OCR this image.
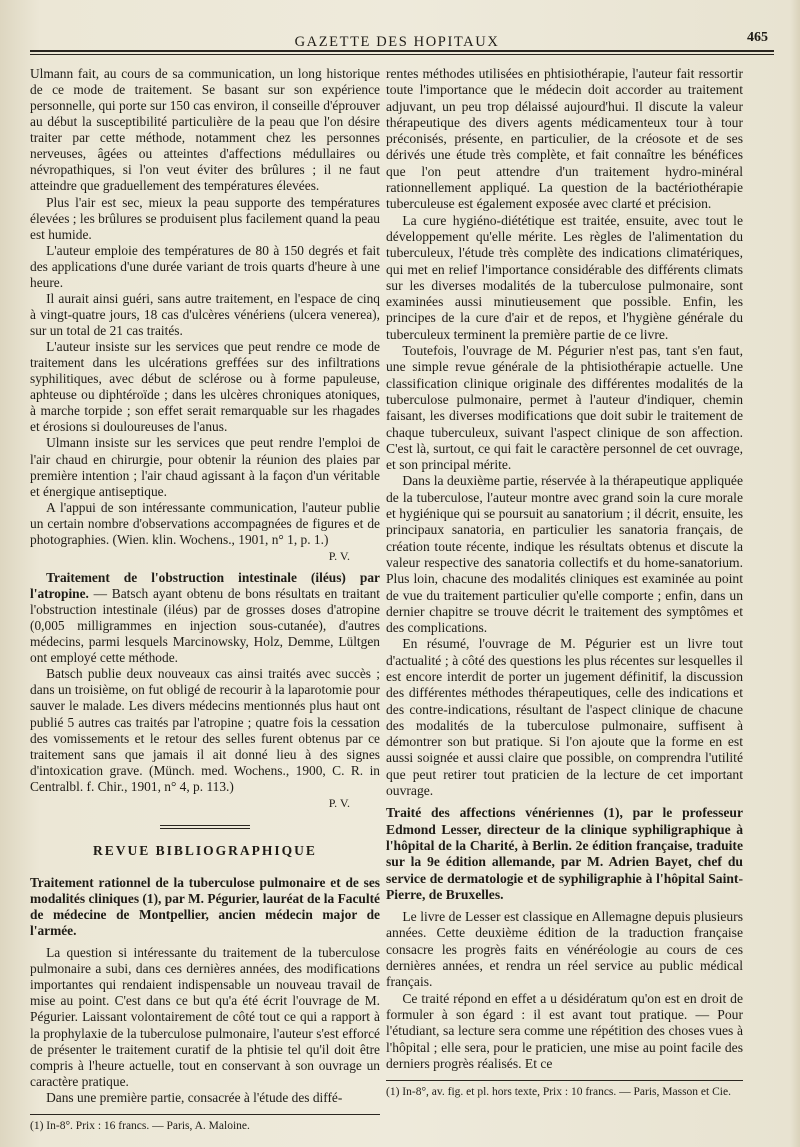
GAZETTE DES HOPITAUX	465

Ulmann fait, au cours de sa communication, un long historique de ce mode de traitement. Se basant sur son expérience personnelle, qui porte sur 150 cas environ, il conseille d'éprouver au début la susceptibilité particulière de la peau que l'on désire traiter par cette méthode, notamment chez les personnes nerveuses, âgées ou atteintes d'affections médullaires ou névropathiques, si l'on veut éviter des brûlures ; il ne faut atteindre que graduellement des températures élevées.

Plus l'air est sec, mieux la peau supporte des températures élevées ; les brûlures se produisent plus facilement quand la peau est humide.

L'auteur emploie des températures de 80 à 150 degrés et fait des applications d'une durée variant de trois quarts d'heure à une heure.

Il aurait ainsi guéri, sans autre traitement, en l'espace de cinq à vingt-quatre jours, 18 cas d'ulcères vénériens (ulcera venerea), sur un total de 21 cas traités.

L'auteur insiste sur les services que peut rendre ce mode de traitement dans les ulcérations greffées sur des infiltrations syphilitiques, avec début de sclérose ou à forme papuleuse, aphteuse ou diphtéroïde ; dans les ulcères chroniques atoniques, à marche torpide ; son effet serait remarquable sur les rhagades et érosions si douloureuses de l'anus.

Ulmann insiste sur les services que peut rendre l'emploi de l'air chaud en chirurgie, pour obtenir la réunion des plaies par première intention ; l'air chaud agissant à la façon d'un véritable et énergique antiseptique.

A l'appui de son intéressante communication, l'auteur publie un certain nombre d'observations accompagnées de figures et de photographies. (Wien. klin. Wochens., 1901, n° 1, p. 1.)

P. V.

Traitement de l'obstruction intestinale (iléus) par l'atropine. — Batsch ayant obtenu de bons résultats en traitant l'obstruction intestinale (iléus) par de grosses doses d'atropine (0,005 milligrammes en injection sous-cutanée), d'autres médecins, parmi lesquels Marcinowsky, Holz, Demme, Lültgen ont employé cette méthode.

Batsch publie deux nouveaux cas ainsi traités avec succès ; dans un troisième, on fut obligé de recourir à la laparotomie pour sauver le malade. Les divers médecins mentionnés plus haut ont publié 5 autres cas traités par l'atropine ; quatre fois la cessation des vomissements et le retour des selles furent obtenus par ce traitement sans que jamais il ait donné lieu à des signes d'intoxication grave. (Münch. med. Wochens., 1900, C. R. in Centralbl. f. Chir., 1901, n° 4, p. 113.)

P. V.
REVUE BIBLIOGRAPHIQUE

Traitement rationnel de la tuberculose pulmonaire et de ses modalités cliniques (1), par M. Pégurier, lauréat de la Faculté de médecine de Montpellier, ancien médecin major de l'armée.

La question si intéressante du traitement de la tuberculose pulmonaire a subi, dans ces dernières années, des modifications importantes qui rendaient indispensable un nouveau travail de mise au point. C'est dans ce but qu'a été écrit l'ouvrage de M. Pégurier. Laissant volontairement de côté tout ce qui a rapport à la prophylaxie de la tuberculose pulmonaire, l'auteur s'est efforcé de présenter le traitement curatif de la phtisie tel qu'il doit être compris à l'heure actuelle, tout en conservant à son ouvrage un caractère pratique.

Dans une première partie, consacrée à l'étude des diffé-

(1) In-8°. Prix : 16 francs. — Paris, A. Maloine.

rentes méthodes utilisées en phtisiothérapie, l'auteur fait ressortir toute l'importance que le médecin doit accorder au traitement adjuvant, un peu trop délaissé aujourd'hui. Il discute la valeur thérapeutique des divers agents médicamenteux tour à tour préconisés, présente, en particulier, de la créosote et de ses dérivés une étude très complète, et fait connaître les bénéfices que l'on peut attendre d'un traitement hydro-minéral rationnellement appliqué. La question de la bactériothérapie tuberculeuse est également exposée avec clarté et précision.

La cure hygiéno-diététique est traitée, ensuite, avec tout le développement qu'elle mérite. Les règles de l'alimentation du tuberculeux, l'étude très complète des indications climatériques, qui met en relief l'importance considérable des différents climats sur les diverses modalités de la tuberculose pulmonaire, sont examinées aussi minutieusement que possible. Enfin, les principes de la cure d'air et de repos, et l'hygiène générale du tuberculeux terminent la première partie de ce livre.

Toutefois, l'ouvrage de M. Pégurier n'est pas, tant s'en faut, une simple revue générale de la phtisiothérapie actuelle. Une classification clinique originale des différentes modalités de la tuberculose pulmonaire, permet à l'auteur d'indiquer, chemin faisant, les diverses modifications que doit subir le traitement de chaque tuberculeux, suivant l'aspect clinique de son affection. C'est là, surtout, ce qui fait le caractère personnel de cet ouvrage, et son principal mérite.

Dans la deuxième partie, réservée à la thérapeutique appliquée de la tuberculose, l'auteur montre avec grand soin la cure morale et hygiénique qui se poursuit au sanatorium ; il décrit, ensuite, les principaux sanatoria, en particulier les sanatoria français, de création toute récente, indique les résultats obtenus et discute la valeur respective des sanatoria collectifs et du home-sanatorium. Plus loin, chacune des modalités cliniques est examinée au point de vue du traitement particulier qu'elle comporte ; enfin, dans un dernier chapitre se trouve décrit le traitement des symptômes et des complications.

En résumé, l'ouvrage de M. Pégurier est un livre tout d'actualité ; à côté des questions les plus récentes sur lesquelles il est encore interdit de porter un jugement définitif, la discussion des différentes méthodes thérapeutiques, celle des indications et des contre-indications, résultant de l'aspect clinique de chacune des modalités de la tuberculose pulmonaire, suffisent à démontrer son but pratique. Si l'on ajoute que la forme en est aussi soignée et aussi claire que possible, on comprendra l'utilité que peut retirer tout praticien de la lecture de cet important ouvrage.

Traité des affections vénériennes (1), par le professeur Edmond Lesser, directeur de la clinique syphiligraphique à l'hôpital de la Charité, à Berlin. 2e édition française, traduite sur la 9e édition allemande, par M. Adrien Bayet, chef du service de dermatologie et de syphiligraphie à l'hôpital Saint-Pierre, de Bruxelles.

Le livre de Lesser est classique en Allemagne depuis plusieurs années. Cette deuxième édition de la traduction française consacre les progrès faits en vénéréologie au cours de ces dernières années, et rendra un réel service au public médical français.

Ce traité répond en effet a u désidératum qu'on est en droit de formuler à son égard : il est avant tout pratique. — Pour l'étudiant, sa lecture sera comme une répétition des choses vues à l'hôpital ; elle sera, pour le praticien, une mise au point facile des derniers progrès réalisés. Et ce

(1) In-8°, av. fig. et pl. hors texte, Prix : 10 francs. — Paris, Masson et Cie.
